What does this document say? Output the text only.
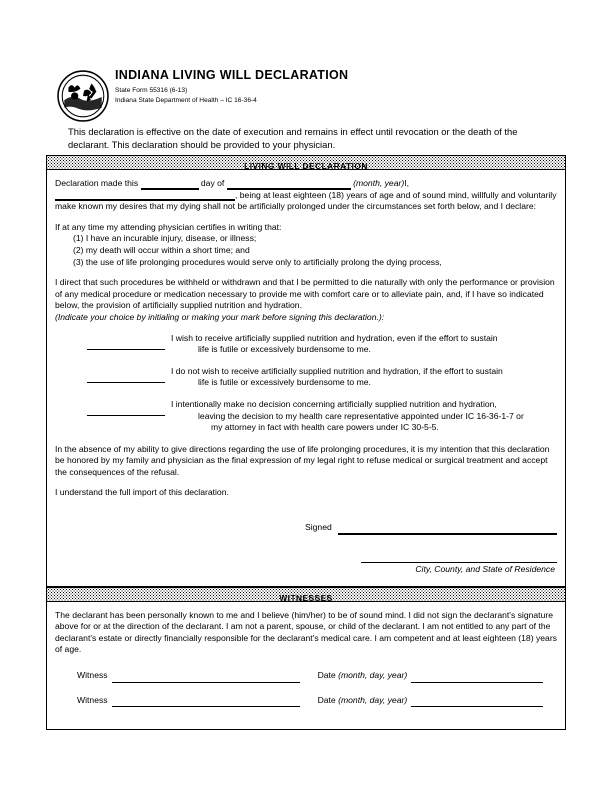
· · · · ·
· · ·
INDIANA LIVING WILL DECLARATION
State Form 55316 (6-13)
Indiana State Department of Health – IC 16-36-4
This declaration is effective on the date of execution and remains in effect until revocation or the death of the declarant. This declaration should be provided to your physician.
LIVING WILL DECLARATION

Declaration made this	day of	(month, year)I, , being at least eighteen (18) years of age and of sound mind, willfully and voluntarily make known my desires that my dying shall not be artificially prolonged under the circumstances set forth below, and I declare:

If at any time my attending physician certifies in writing that:

(1) I have an incurable injury, disease, or illness;
(2) my death will occur within a short time; and
(3) the use of life prolonging procedures would serve only to artificially prolong the dying process,

I direct that such procedures be withheld or withdrawn and that I be permitted to die naturally with only the performance or provision of any medical procedure or medication necessary to provide me with comfort care or to alleviate pain, and, if I have so indicated below, the provision of artificially supplied nutrition and hydration.

(Indicate your choice by initialing or making your mark before signing this declaration.):

I wish to receive artificially supplied nutrition and hydration, even if the effort to sustain
life is futile or excessively burdensome to me.
I do not wish to receive artificially supplied nutrition and hydration, if the effort to sustain
life is futile or excessively burdensome to me.
I intentionally make no decision concerning artificially supplied nutrition and hydration,
leaving the decision to my health care representative appointed under IC 16-36-1-7 or
my attorney in fact with health care powers under IC 30-5-5.

In the absence of my ability to give directions regarding the use of life prolonging procedures, it is my intention that this declaration be honored by my family and physician as the final expression of my legal right to refuse medical or surgical treatment and accept the consequences of the refusal.

I understand the full import of this declaration.

Signed
City, County, and State of Residence
WITNESSES

The declarant has been personally known to me and I believe (him/her) to be of sound mind. I did not sign the declarant's signature above for or at the direction of the declarant. I am not a parent, spouse, or child of the declarant. I am not entitled to any part of the declarant's estate or directly financially responsible for the declarant's medical care. I am competent and at least eighteen (18) years of age.

Witness	Date (month, day, year)
Witness	Date (month, day, year)
